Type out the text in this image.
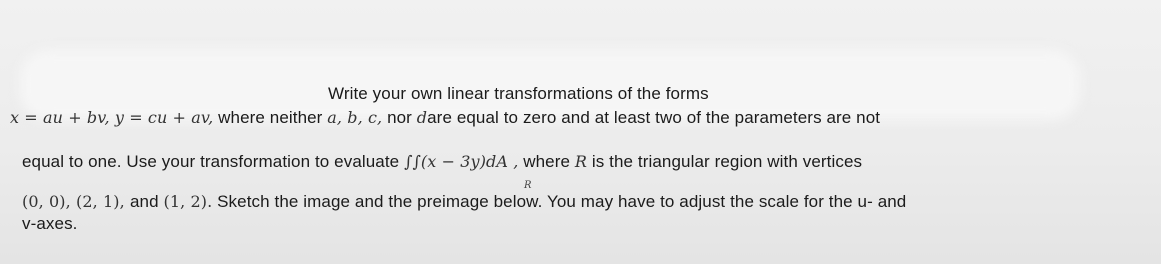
Write your own linear transformations of the forms
x = au + bv, y = cu + av, where neither a, b, c, nor dare equal to zero and at least two of the parameters are not
equal to one. Use your transformation to evaluate ∫∫(x − 3y)dA , where R is the triangular region with vertices
R
(0, 0), (2, 1), and (1, 2). Sketch the image and the preimage below. You may have to adjust the scale for the u- and
v-axes.
